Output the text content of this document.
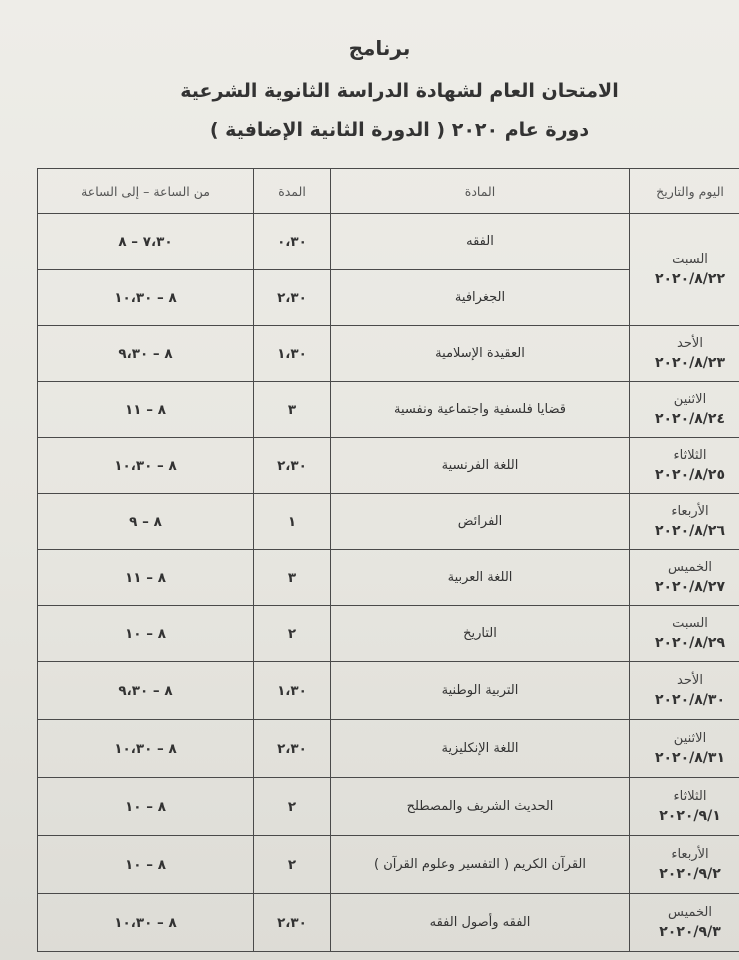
برنامج
الامتحان العام لشهادة الدراسة الثانوية الشرعية
دورة عام ٢٠٢٠ ( الدورة الثانية الإضافية )
اليوم والتاريخ	المادة	المدة	من الساعة – إلى الساعة

السبت
٢٠٢٠/٨/٢٢	الفقه	٠،٣٠	٧،٣٠ – ٨
	الجغرافية	٢،٣٠	٨ – ١٠،٣٠

الأحد
٢٠٢٠/٨/٢٣	العقيدة الإسلامية	١،٣٠	٨ – ٩،٣٠

الاثنين
٢٠٢٠/٨/٢٤	قضايا فلسفية واجتماعية ونفسية	٣	٨ – ١١

الثلاثاء
٢٠٢٠/٨/٢٥	اللغة الفرنسية	٢،٣٠	٨ – ١٠،٣٠

الأربعاء
٢٠٢٠/٨/٢٦	الفرائض	١	٨ – ٩

الخميس
٢٠٢٠/٨/٢٧	اللغة العربية	٣	٨ – ١١

السبت
٢٠٢٠/٨/٢٩	التاريخ	٢	٨ – ١٠

الأحد
٢٠٢٠/٨/٣٠	التربية الوطنية	١،٣٠	٨ – ٩،٣٠

الاثنين
٢٠٢٠/٨/٣١	اللغة الإنكليزية	٢،٣٠	٨ – ١٠،٣٠

الثلاثاء
٢٠٢٠/٩/١	الحديث الشريف والمصطلح	٢	٨ – ١٠

الأربعاء
٢٠٢٠/٩/٢	القرآن الكريم ( التفسير وعلوم القرآن )	٢	٨ – ١٠

الخميس
٢٠٢٠/٩/٣	الفقه وأصول الفقه	٢،٣٠	٨ – ١٠،٣٠
